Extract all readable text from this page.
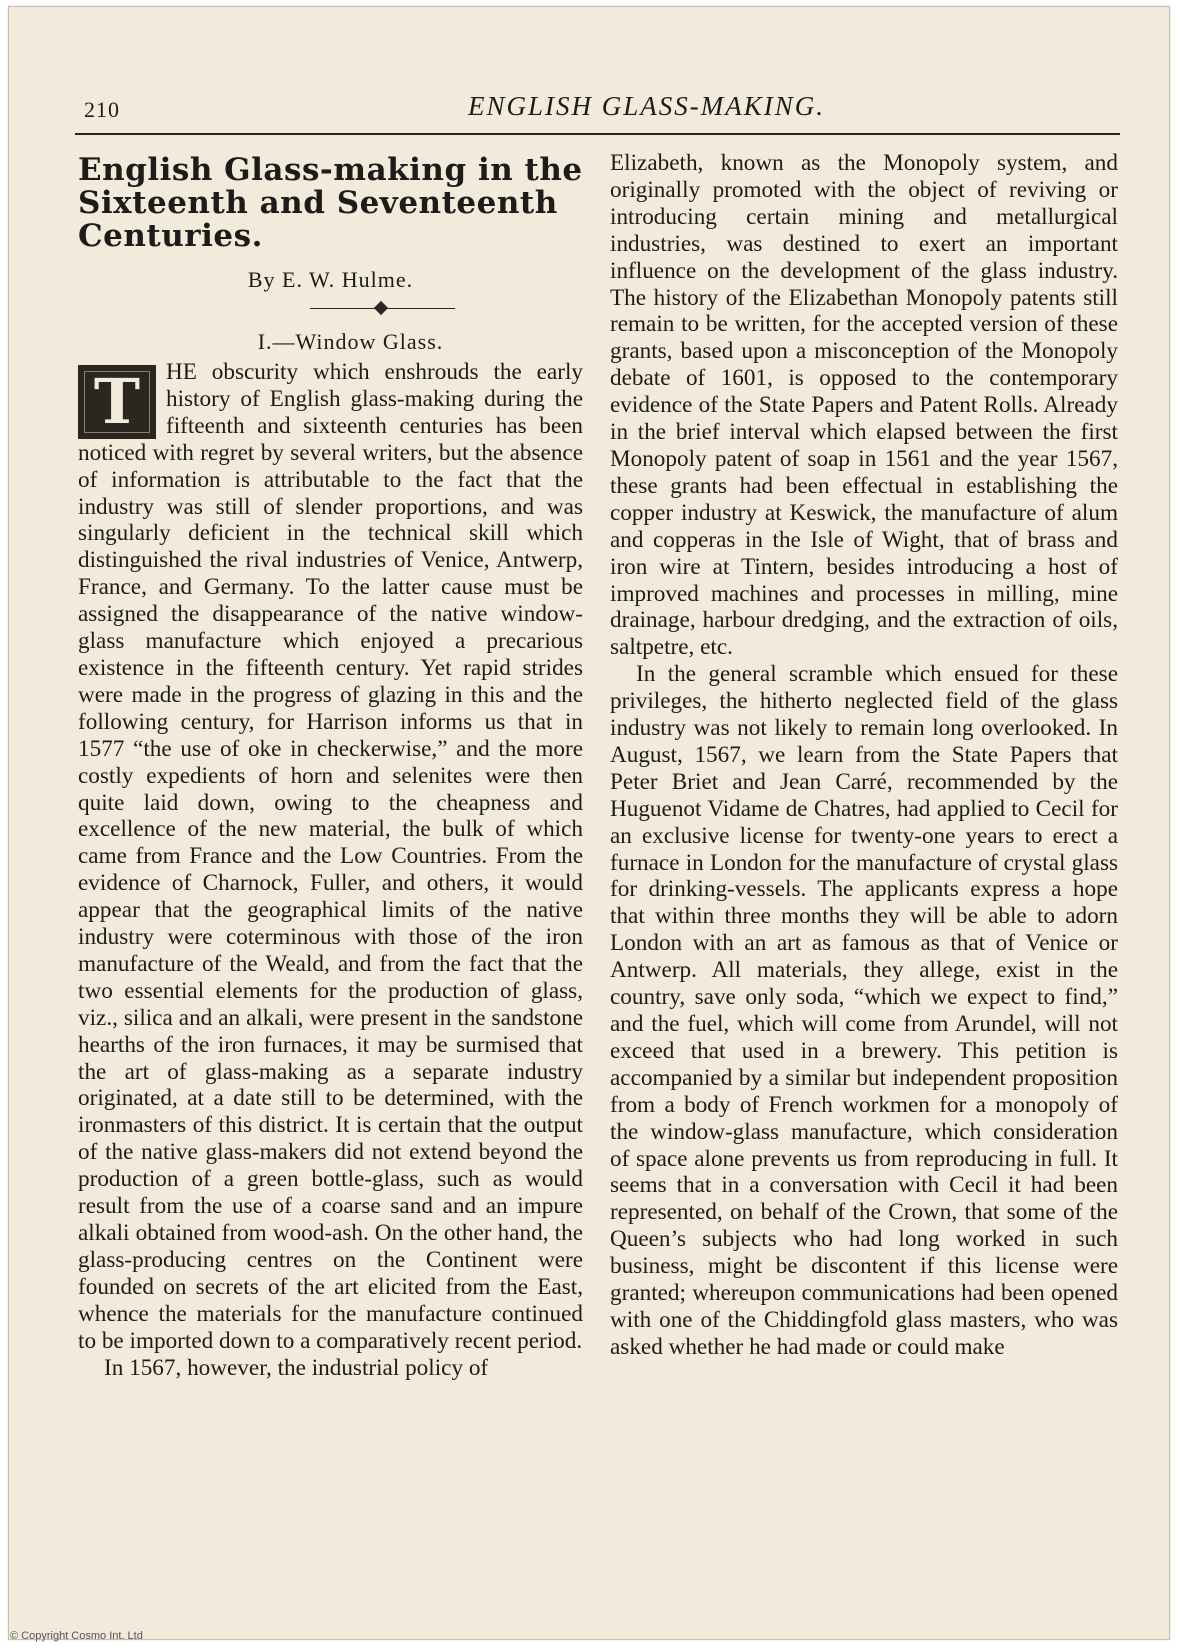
210	ENGLISH GLASS-MAKING.
English Glass-making in the Sixteenth and Seventeenth Centuries.
By E. W. Hulme.
I.—Window Glass.
T	HE obscurity which enshrouds the early history of English glass-making during the fifteenth and sixteenth centuries has been noticed with regret by several writers, but the absence of information is attributable to the fact that the industry was still of slender proportions, and was singularly deficient in the technical skill which distinguished the rival industries of Venice, Antwerp, France, and Germany. To the latter cause must be assigned the disappearance of the native window-glass manufacture which enjoyed a precarious existence in the fifteenth century. Yet rapid strides were made in the progress of glazing in this and the following century, for Harrison informs us that in 1577 “the use of oke in checkerwise,” and the more costly expedients of horn and selenites were then quite laid down, owing to the cheapness and excellence of the new material, the bulk of which came from France and the Low Countries. From the evidence of Charnock, Fuller, and others, it would appear that the geographical limits of the native industry were coterminous with those of the iron manufacture of the Weald, and from the fact that the two essential elements for the production of glass, viz., silica and an alkali, were present in the sandstone hearths of the iron furnaces, it may be surmised that the art of glass-making as a separate industry originated, at a date still to be determined, with the ironmasters of this district. It is certain that the output of the native glass-makers did not extend beyond the production of a green bottle-glass, such as would result from the use of a coarse sand and an impure alkali obtained from wood-ash. On the other hand, the glass-producing centres on the Continent were founded on secrets of the art elicited from the East, whence the materials for the manufacture continued to be imported down to a comparatively recent period.

In 1567, however, the industrial policy of

Elizabeth, known as the Monopoly system, and originally promoted with the object of reviving or introducing certain mining and metallurgical industries, was destined to exert an important influence on the development of the glass industry. The history of the Elizabethan Monopoly patents still remain to be written, for the accepted version of these grants, based upon a misconception of the Monopoly debate of 1601, is opposed to the contemporary evidence of the State Papers and Patent Rolls. Already in the brief interval which elapsed between the first Monopoly patent of soap in 1561 and the year 1567, these grants had been effectual in establishing the copper industry at Keswick, the manufacture of alum and copperas in the Isle of Wight, that of brass and iron wire at Tintern, besides introducing a host of improved machines and processes in milling, mine drainage, harbour dredging, and the extraction of oils, saltpetre, etc.

In the general scramble which ensued for these privileges, the hitherto neglected field of the glass industry was not likely to remain long overlooked. In August, 1567, we learn from the State Papers that Peter Briet and Jean Carré, recommended by the Huguenot Vidame de Chatres, had applied to Cecil for an exclusive license for twenty-one years to erect a furnace in London for the manufacture of crystal glass for drinking-vessels. The applicants express a hope that within three months they will be able to adorn London with an art as famous as that of Venice or Antwerp. All materials, they allege, exist in the country, save only soda, “which we expect to find,” and the fuel, which will come from Arundel, will not exceed that used in a brewery. This petition is accompanied by a similar but independent proposition from a body of French workmen for a monopoly of the window-glass manufacture, which consideration of space alone prevents us from reproducing in full. It seems that in a conversation with Cecil it had been represented, on behalf of the Crown, that some of the Queen’s subjects who had long worked in such business, might be discontent if this license were granted; whereupon communications had been opened with one of the Chiddingfold glass masters, who was asked whether he had made or could make

© Copyright Cosmo Int. Ltd
